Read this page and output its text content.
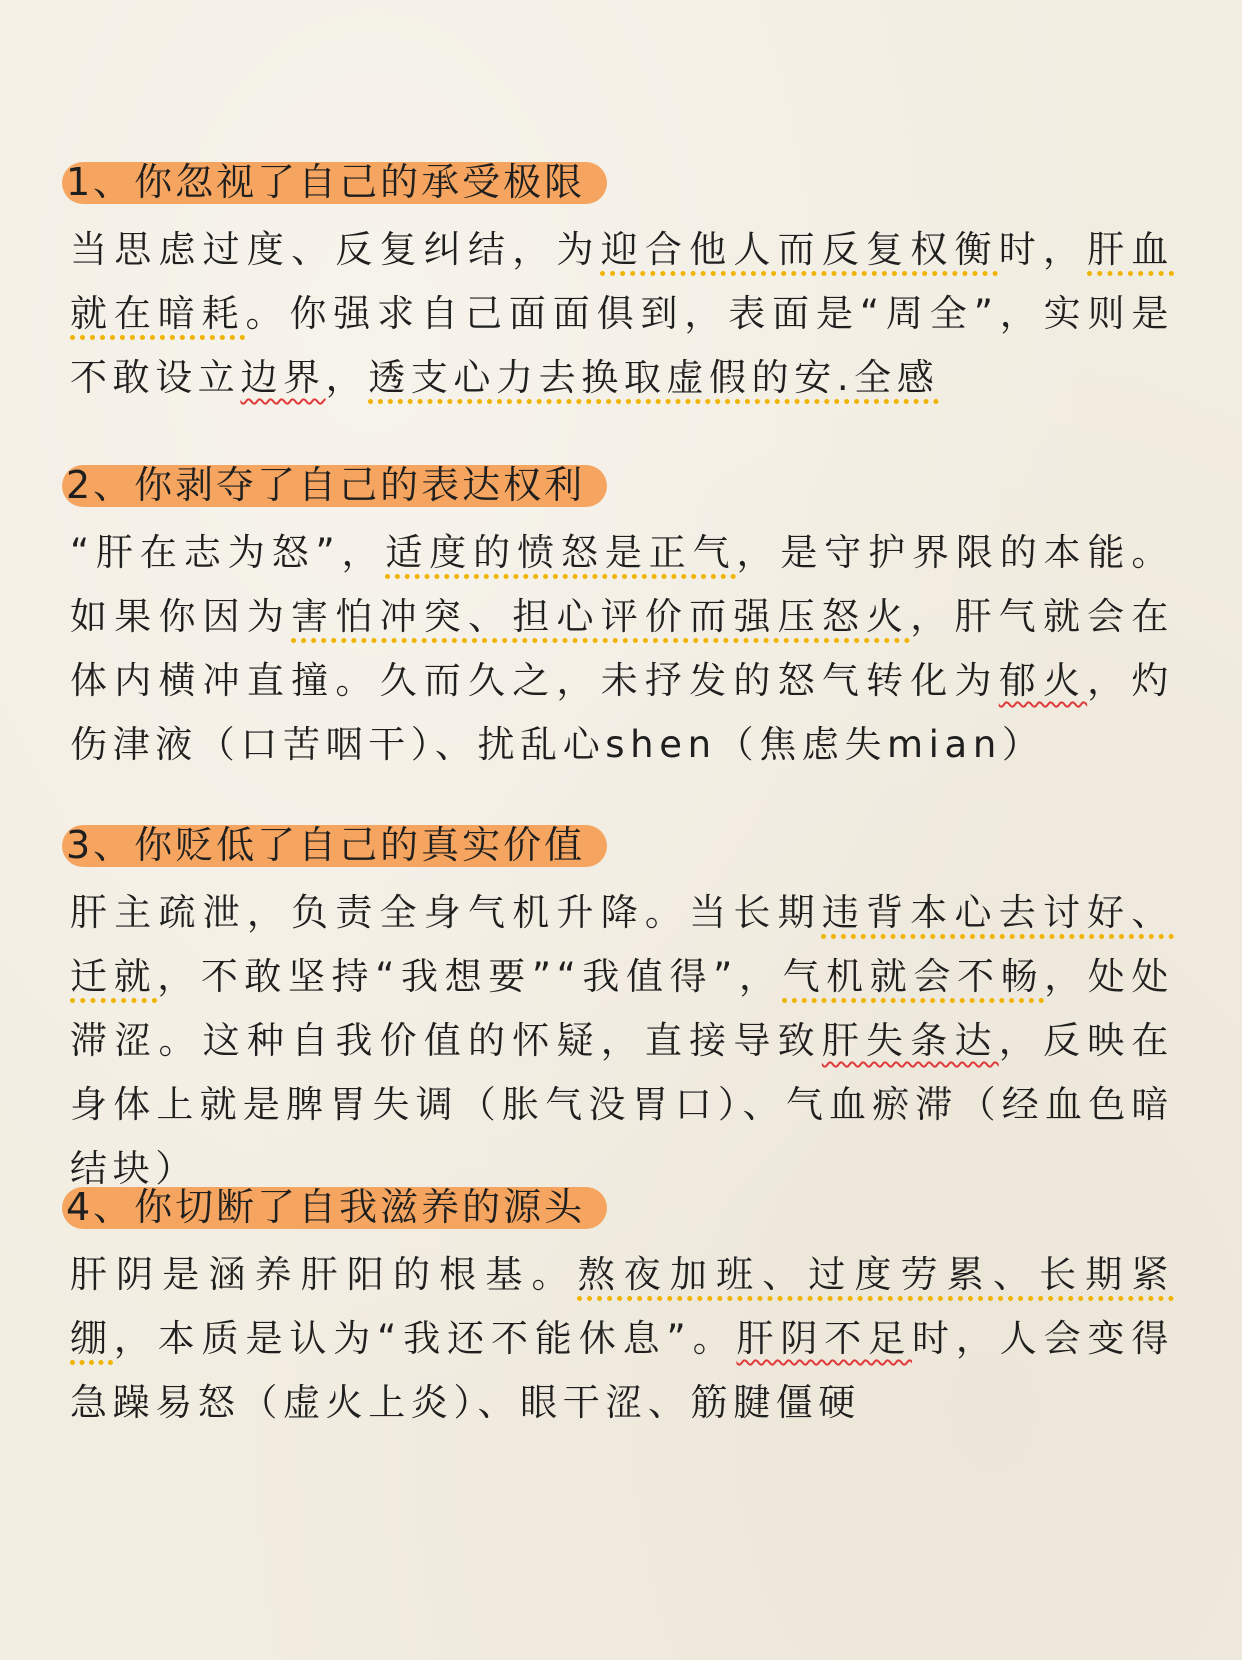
1、你忽视了自己的承受极限
当思虑过度、反复纠结，为迎合他人而反复权衡时，肝血就在暗耗。你强求自己面面俱到，表面是“周全”，实则是不敢设立边界，透支心力去换取虚假的安.全感
2、你剥夺了自己的表达权利
“肝在志为怒”，适度的愤怒是正气，是守护界限的本能。如果你因为害怕冲突、担心评价而强压怒火，肝气就会在体内横冲直撞。久而久之，未抒发的怒气转化为郁火，灼伤津液（口苦咽干）、扰乱心shen（焦虑失mian）
3、你贬低了自己的真实价值
肝主疏泄，负责全身气机升降。当长期违背本心去讨好、迁就，不敢坚持“我想要”“我值得”，气机就会不畅，处处滞涩。这种自我价值的怀疑，直接导致肝失条达，反映在身体上就是脾胃失调（胀气没胃口）、气血瘀滞（经血色暗结块）
4、你切断了自我滋养的源头
肝阴是涵养肝阳的根基。熬夜加班、过度劳累、长期紧绷，本质是认为“我还不能休息”。肝阴不足时，人会变得急躁易怒（虚火上炎）、眼干涩、筋腱僵硬
